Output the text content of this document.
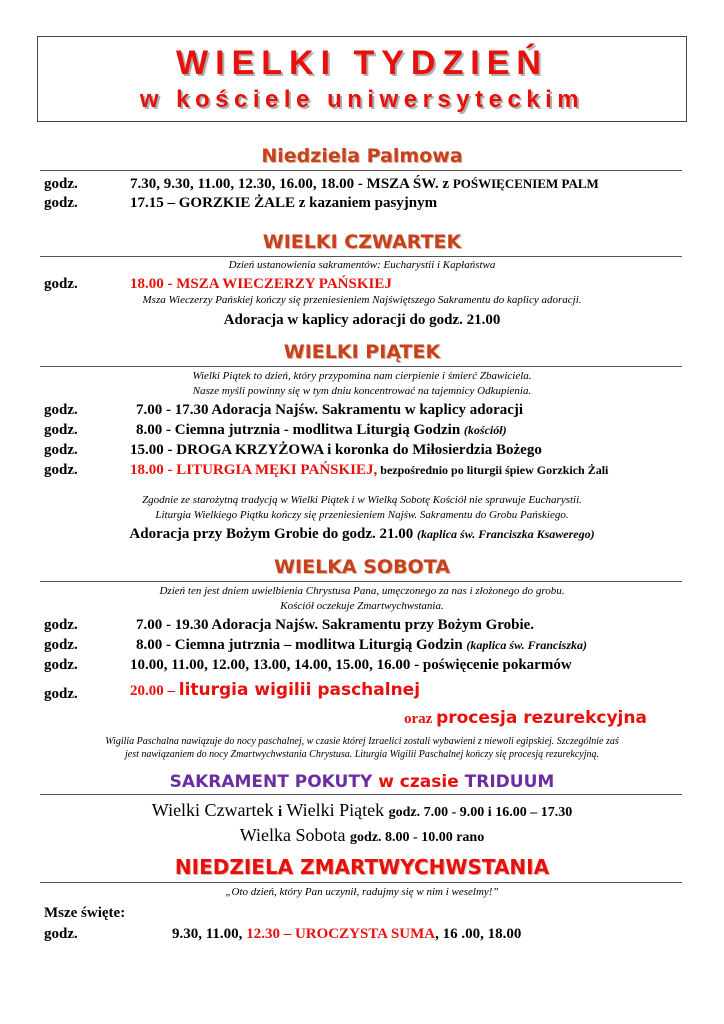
WIELKI TYDZIEŃ
w kościele uniwersyteckim
Niedziela Palmowa
godz.	7.30, 9.30, 11.00, 12.30, 16.00, 18.00 - MSZA ŚW. z POŚWIĘCENIEM PALM
godz.	17.15 – GORZKIE ŻALE z kazaniem pasyjnym
WIELKI CZWARTEK
Dzień ustanowienia sakramentów: Eucharystii i Kapłaństwa
godz.	18.00 - MSZA WIECZERZY PAŃSKIEJ
Msza Wieczerzy Pańskiej kończy się przeniesieniem Najświętszego Sakramentu do kaplicy adoracji.
Adoracja w kaplicy adoracji do godz. 21.00
WIELKI PIĄTEK
Wielki Piątek to dzień, który przypomina nam cierpienie i śmierć Zbawiciela.
Nasze myśli powinny się w tym dniu koncentrować na tajemnicy Odkupienia.
godz.	7.00 - 17.30 Adoracja Najśw. Sakramentu w kaplicy adoracji
godz.	8.00 - Ciemna jutrznia - modlitwa Liturgią Godzin (kościół)
godz.	15.00 - DROGA KRZYŻOWA i koronka do Miłosierdzia Bożego
godz.	18.00 - LITURGIA MĘKI PAŃSKIEJ, bezpośrednio po liturgii śpiew Gorzkich Żali
Zgodnie ze starożytną tradycją w Wielki Piątek i w Wielką Sobotę Kościół nie sprawuje Eucharystii.
Liturgia Wielkiego Piątku kończy się przeniesieniem Najśw. Sakramentu do Grobu Pańskiego.
Adoracja przy Bożym Grobie do godz. 21.00 (kaplica św. Franciszka Ksawerego)
WIELKA SOBOTA
Dzień ten jest dniem uwielbienia Chrystusa Pana, umęczonego za nas i złożonego do grobu.
Kościół oczekuje Zmartwychwstania.
godz.	7.00 - 19.30 Adoracja Najśw. Sakramentu przy Bożym Grobie.
godz.	8.00 - Ciemna jutrznia – modlitwa Liturgią Godzin (kaplica św. Franciszka)
godz.	10.00, 11.00, 12.00, 13.00, 14.00, 15.00, 16.00 - poświęcenie pokarmów
godz.	20.00 – liturgia wigilii paschalnej
oraz procesja rezurekcyjna
Wigilia Paschalna nawiązuje do nocy paschalnej, w czasie której Izraelici zostali wybawieni z niewoli egipskiej. Szczególnie zaś
jest nawiązaniem do nocy Zmartwychwstania Chrystusa. Liturgia Wigilii Paschalnej kończy się procesją rezurekcyjną.
SAKRAMENT POKUTY w czasie TRIDUUM
Wielki Czwartek i Wielki Piątek godz. 7.00 - 9.00 i 16.00 – 17.30
Wielka Sobota godz. 8.00 - 10.00 rano
NIEDZIELA ZMARTWYCHWSTANIA
„Oto dzień, który Pan uczynił, radujmy się w nim i weselmy!”
Msze święte:
godz.	9.30, 11.00, 12.30 – UROCZYSTA SUMA, 16 .00, 18.00
